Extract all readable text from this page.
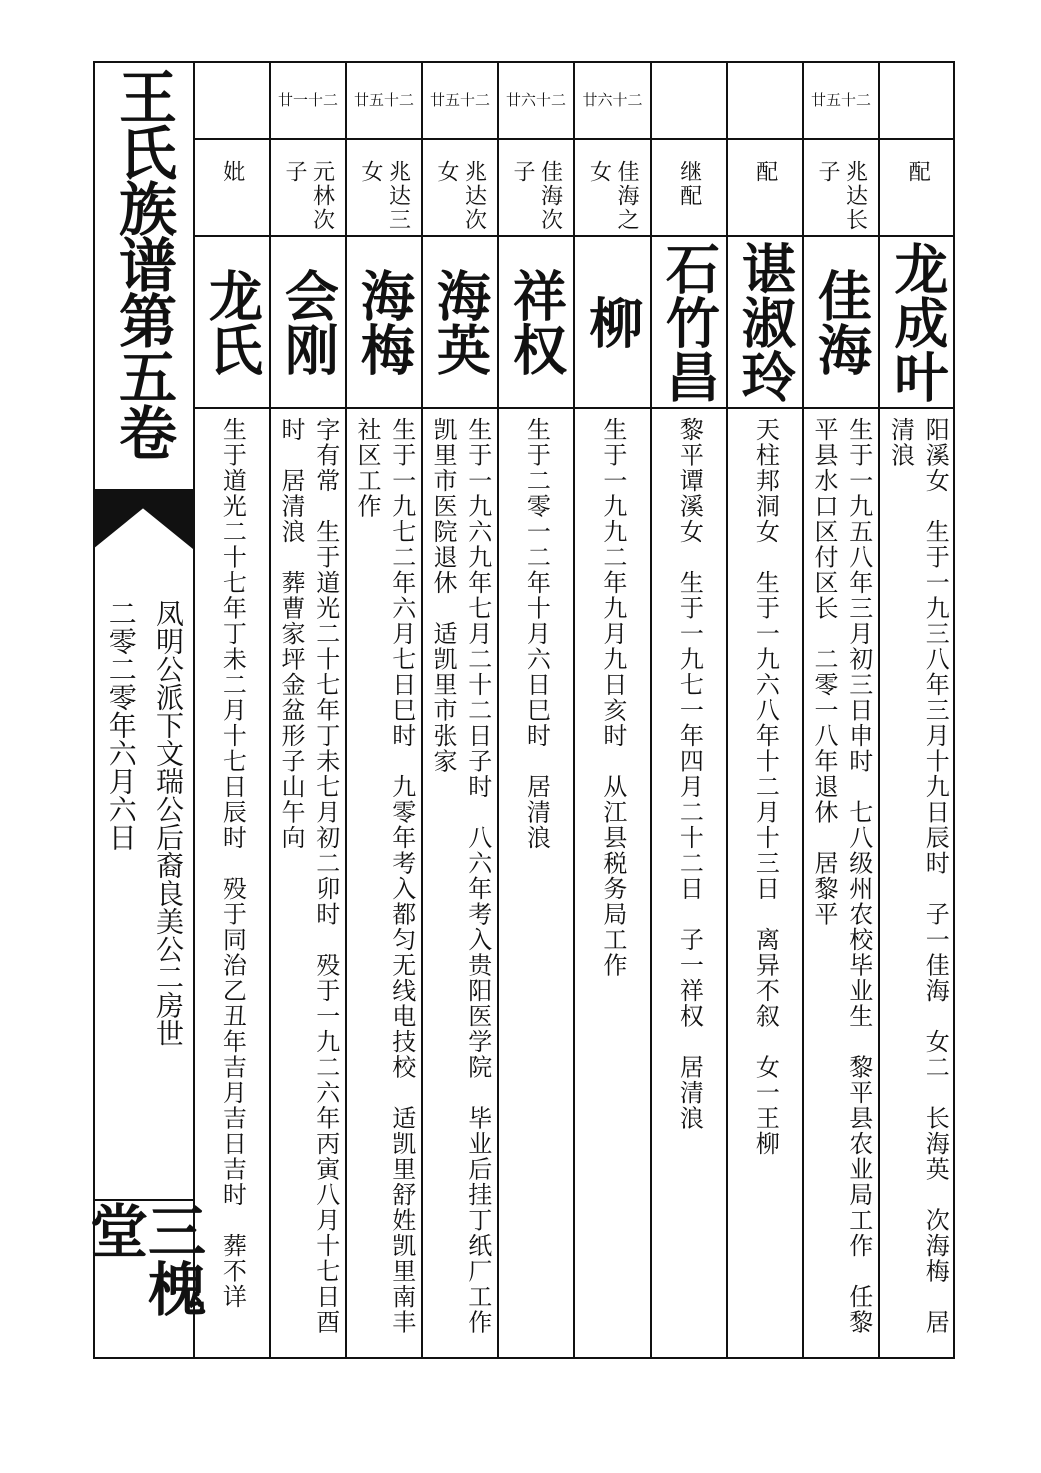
王氏族谱第五卷
凤明公派下文瑞公后裔良美公二房世
二零二零年六月六日
三槐堂
妣
龙氏
生于道光二十七年丁未二月十七日辰时　殁于同治乙丑年吉月吉日吉时　葬不详
廿一十二
元林次子
会刚
字有常　生于道光二十七年丁未七月初二卯时　殁于一九二六年丙寅八月十七日酉时　居清浪　葬曹家坪金盆形子山午向
廿五十二
兆达三女
海梅
生于一九七二年六月七日巳时　九零年考入都匀无线电技校　适凯里舒姓凯里南丰社区工作
廿五十二
兆达次女
海英
生于一九六九年七月二十二日子时　八六年考入贵阳医学院　毕业后挂丁纸厂工作　凯里市医院退休　适凯里市张家
廿六十二
佳海次子
祥权
生于二零一二年十月六日巳时　居清浪
廿六十二
佳海之女
柳
生于一九九二年九月九日亥时　从江县税务局工作
继配
石竹昌
黎平谭溪女　生于一九七一年四月二十二日　子一祥权　居清浪
配
谌淑玲
天柱邦洞女　生于一九六八年十二月十三日　离异不叙　女一王柳
廿五十二
兆达长子
佳海
生于一九五八年三月初三日申时　七八级州农校毕业生　黎平县农业局工作　任黎平县水口区付区长　二零一八年退休　居黎平
配
龙成叶
阳溪女　生于一九三八年三月十九日辰时　子一佳海　女二　长海英　次海梅　居清浪
